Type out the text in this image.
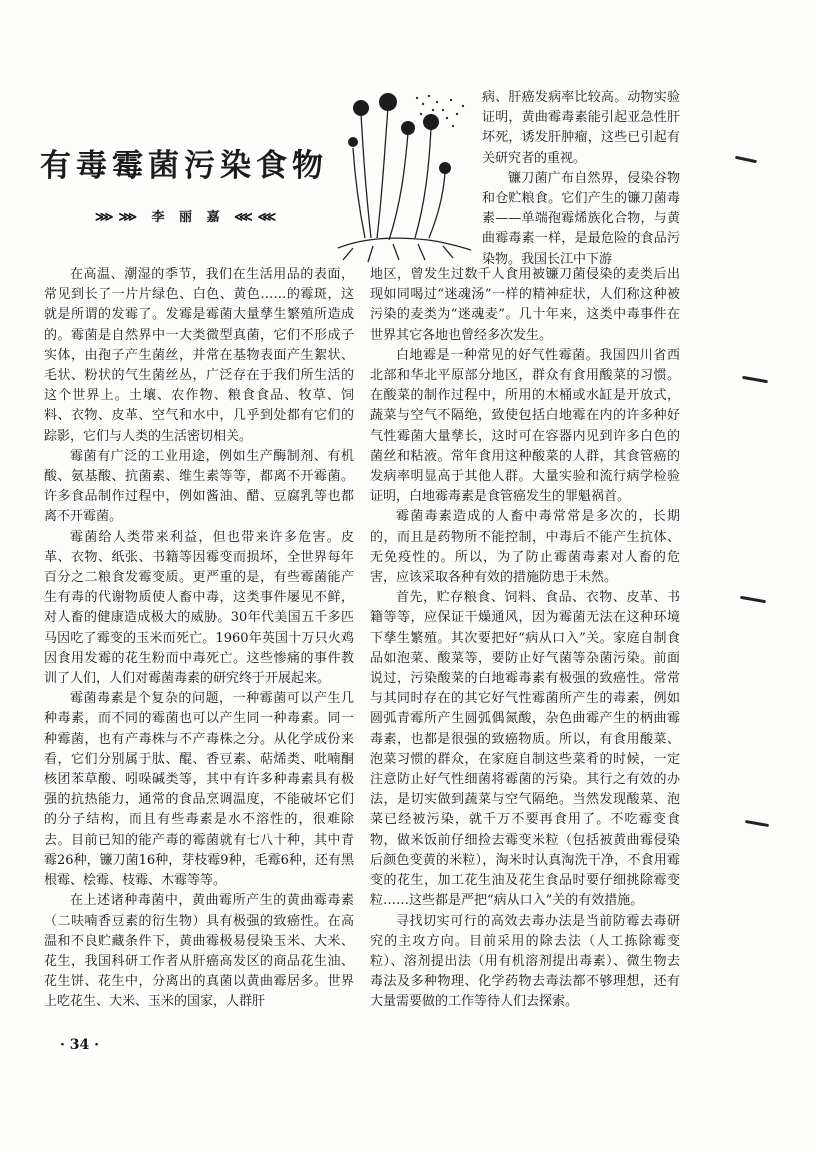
有毒霉菌污染食物
⋙⋙ 李 丽 嘉 ⋘⋘

病、肝癌发病率比较高。动物实验证明，黄曲霉毒素能引起亚急性肝坏死，诱发肝肿瘤，这些已引起有关研究者的重视。

镰刀菌广布自然界，侵染谷物和仓贮粮食。它们产生的镰刀菌毒素——单端孢霉烯族化合物，与黄曲霉毒素一样，是最危险的食品污染物。我国长江中下游

在高温、潮湿的季节，我们在生活用品的表面，常见到长了一片片绿色、白色、黄色……的霉斑，这就是所谓的发霉了。发霉是霉菌大量孳生繁殖所造成的。霉菌是自然界中一大类微型真菌，它们不形成子实体，由孢子产生菌丝，并常在基物表面产生絮状、毛状、粉状的气生菌丝丛，广泛存在于我们所生活的这个世界上。土壤、农作物、粮食食品、牧草、饲料、衣物、皮革、空气和水中，几乎到处都有它们的踪影，它们与人类的生活密切相关。

霉菌有广泛的工业用途，例如生产酶制剂、有机酸、氨基酸、抗菌素、维生素等等，都离不开霉菌。许多食品制作过程中，例如酱油、醋、豆腐乳等也都离不开霉菌。

霉菌给人类带来利益，但也带来许多危害。皮革、衣物、纸张、书籍等因霉变而损坏，全世界每年百分之二粮食发霉变质。更严重的是，有些霉菌能产生有毒的代谢物质使人畜中毒，这类事件屡见不鲜，对人畜的健康造成极大的威胁。30年代美国五千多匹马因吃了霉变的玉米而死亡。1960年英国十万只火鸡因食用发霉的花生粉而中毒死亡。这些惨痛的事件教训了人们，人们对霉菌毒素的研究终于开展起来。

霉菌毒素是个复杂的问题，一种霉菌可以产生几种毒素，而不同的霉菌也可以产生同一种毒素。同一种霉菌，也有产毒株与不产毒株之分。从化学成份来看，它们分别属于肽、醌、香豆素、萜烯类、吡喃酮核团苯草酸、吲哚碱类等，其中有许多种毒素具有极强的抗热能力，通常的食品烹调温度，不能破坏它们的分子结构，而且有些毒素是水不溶性的，很难除去。目前已知的能产毒的霉菌就有七八十种，其中青霉26种，镰刀菌16种，芽枝霉9种，毛霉6种，还有黑根霉、桧霉、枝霉、木霉等等。

在上述诸种毒菌中，黄曲霉所产生的黄曲霉毒素（二呋喃香豆素的衍生物）具有极强的致癌性。在高温和不良贮藏条件下，黄曲霉极易侵染玉米、大米、花生，我国科研工作者从肝癌高发区的商品花生油、花生饼、花生中，分离出的真菌以黄曲霉居多。世界上吃花生、大米、玉米的国家，人群肝

地区，曾发生过数千人食用被镰刀菌侵染的麦类后出现如同喝过“迷魂汤”一样的精神症状，人们称这种被污染的麦类为“迷魂麦”。几十年来，这类中毒事件在世界其它各地也曾经多次发生。

白地霉是一种常见的好气性霉菌。我国四川省西北部和华北平原部分地区，群众有食用酸菜的习惯。在酸菜的制作过程中，所用的木桶或水缸是开放式，蔬菜与空气不隔绝，致使包括白地霉在内的许多种好气性霉菌大量孳长，这时可在容器内见到许多白色的菌丝和粘液。常年食用这种酸菜的人群，其食管癌的发病率明显高于其他人群。大量实验和流行病学检验证明，白地霉毒素是食管癌发生的罪魁祸首。

霉菌毒素造成的人畜中毒常常是多次的，长期的，而且是药物所不能控制，中毒后不能产生抗体、无免疫性的。所以，为了防止霉菌毒素对人畜的危害，应该采取各种有效的措施防患于未然。

首先，贮存粮食、饲料、食品、衣物、皮革、书籍等等，应保证干燥通风，因为霉菌无法在这种环境下孳生繁殖。其次要把好“病从口入”关。家庭自制食品如泡菜、酸菜等，要防止好气菌等杂菌污染。前面说过，污染酸菜的白地霉毒素有极强的致癌性。常常与其同时存在的其它好气性霉菌所产生的毒素，例如圆弧青霉所产生圆弧偶氮酸，杂色曲霉产生的柄曲霉毒素，也都是很强的致癌物质。所以，有食用酸菜、泡菜习惯的群众，在家庭自制这些菜肴的时候，一定注意防止好气性细菌将霉菌的污染。其行之有效的办法，是切实做到蔬菜与空气隔绝。当然发现酸菜、泡菜已经被污染，就千万不要再食用了。不吃霉变食物，做米饭前仔细捡去霉变米粒（包括被黄曲霉侵染后颜色变黄的米粒），淘米时认真淘洗干净，不食用霉变的花生，加工花生油及花生食品时要仔细挑除霉变粒……这些都是严把“病从口入”关的有效措施。

寻找切实可行的高效去毒办法是当前防霉去毒研究的主攻方向。目前采用的除去法（人工拣除霉变粒）、溶剂提出法（用有机溶剂提出毒素）、微生物去毒法及多种物理、化学药物去毒法都不够理想，还有大量需要做的工作等待人们去探索。

· 34 ·
